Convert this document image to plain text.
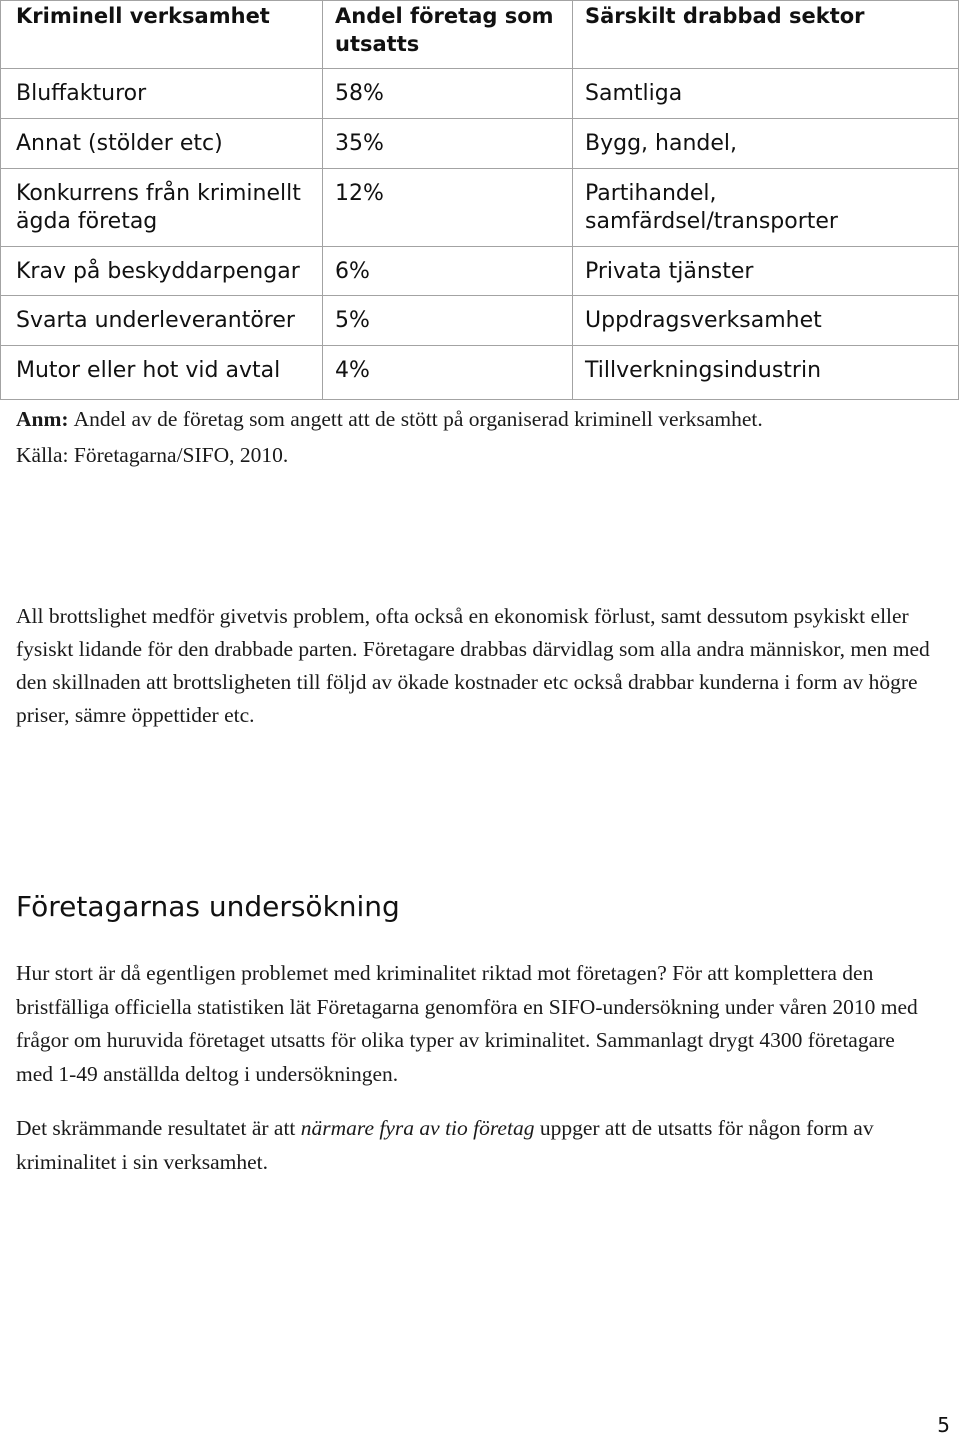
Kriminell verksamhet	Andel företag som utsatts	Särskilt drabbad sektor
Bluffakturor	58%	Samtliga
Annat (stölder etc)	35%	Bygg, handel,
Konkurrens från kriminellt ägda företag	12%	Partihandel, samfärdsel/transporter
Krav på beskyddarpengar	6%	Privata tjänster
Svarta underleverantörer	5%	Uppdragsverksamhet
Mutor eller hot vid avtal	4%	Tillverkningsindustrin
Anm: Andel av de företag som angett att de stött på organiserad kriminell verksamhet.
Källa: Företagarna/SIFO, 2010.
All brottslighet medför givetvis problem, ofta också en ekonomisk förlust, samt dessutom psykiskt eller
fysiskt lidande för den drabbade parten. Företagare drabbas därvidlag som alla andra människor, men med
den skillnaden att brottsligheten till följd av ökade kostnader etc också drabbar kunderna i form av högre
priser, sämre öppettider etc.
Företagarnas undersökning
Hur stort är då egentligen problemet med kriminalitet riktad mot företagen? För att komplettera den
bristfälliga officiella statistiken lät Företagarna genomföra en SIFO-undersökning under våren 2010 med
frågor om huruvida företaget utsatts för olika typer av kriminalitet. Sammanlagt drygt 4300 företagare
med 1-49 anställda deltog i undersökningen.
Det skrämmande resultatet är att närmare fyra av tio företag uppger att de utsatts för någon form av
kriminalitet i sin verksamhet.
5
